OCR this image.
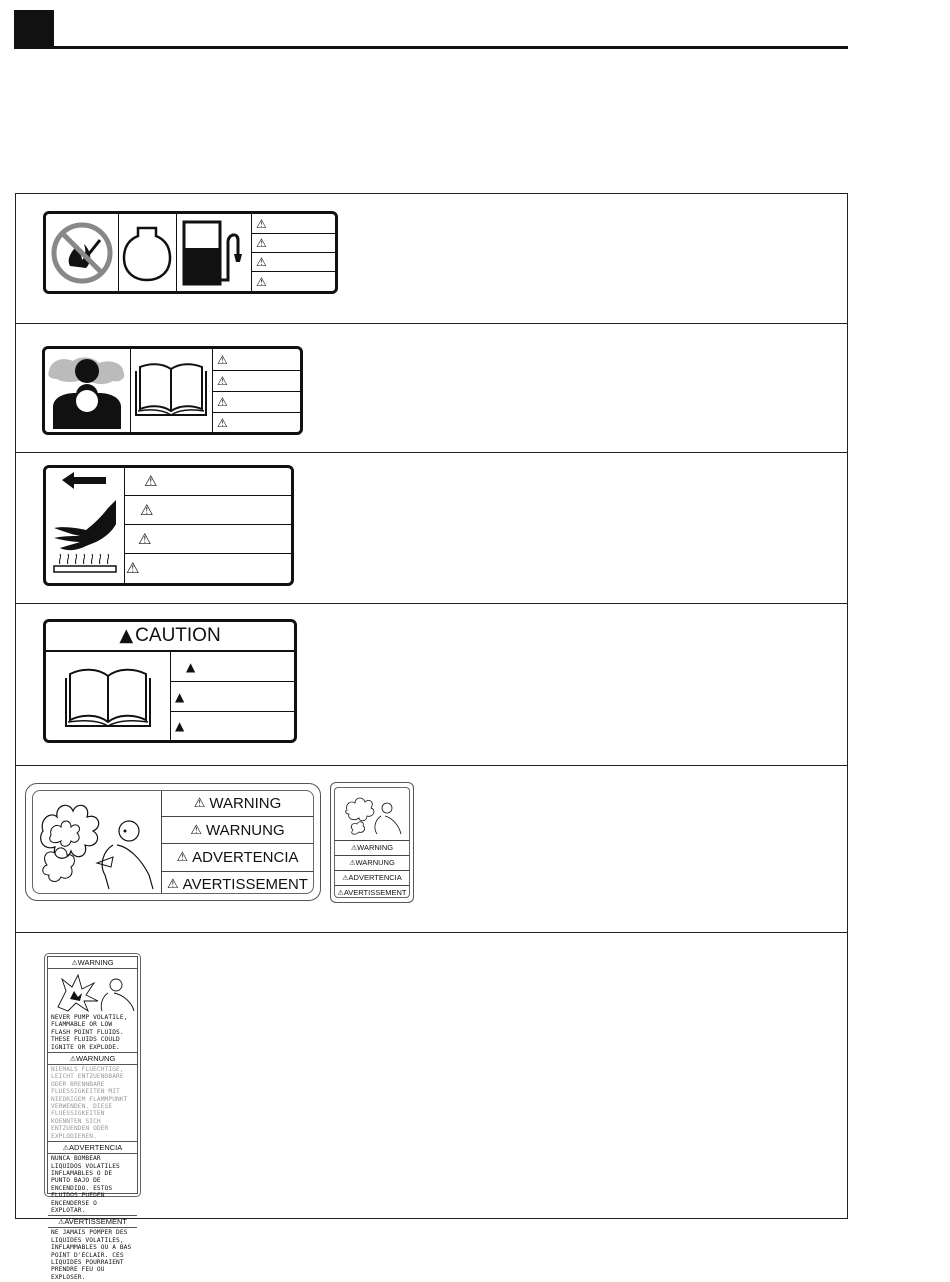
⚠
⚠
⚠
⚠
⚠
⚠
⚠
⚠
⚠
⚠
⚠
⚠
▲ CAUTION
▲
▲
▲
⚠ WARNING
⚠ WARNUNG
⚠ ADVERTENCIA
⚠ AVERTISSEMENT
⚠WARNING
⚠WARNUNG
⚠ADVERTENCIA
⚠AVERTISSEMENT
⚠WARNING
NEVER PUMP VOLATILE, FLAMMABLE OR LOW FLASH POINT FLUIDS. THESE FLUIDS COULD IGNITE OR EXPLODE.
⚠WARNUNG
NIEMALS FLUECHTIGE, LEICHT ENTZUENDBARE ODER BRENNBARE FLUESSIGKEITEN MIT NIEDRIGEM FLAMMPUNKT VERWENDEN. DIESE FLUESSIGKEITEN KOENNTEN SICH ENTZUENDEN ODER EXPLODIEREN.
⚠ADVERTENCIA
NUNCA BOMBEAR LIQUIDOS VOLATILES INFLAMABLES O DE PUNTO BAJO DE ENCENDIDO. ESTOS FLUIDOS PUEDEN ENCENDERSE O EXPLOTAR.
⚠AVERTISSEMENT
NE JAMAIS POMPER DES LIQUIDES VOLATILES, INFLAMMABLES OU A BAS POINT D'ECLAIR. CES LIQUIDES POURRAIENT PRENDRE FEU OU EXPLOSER.
